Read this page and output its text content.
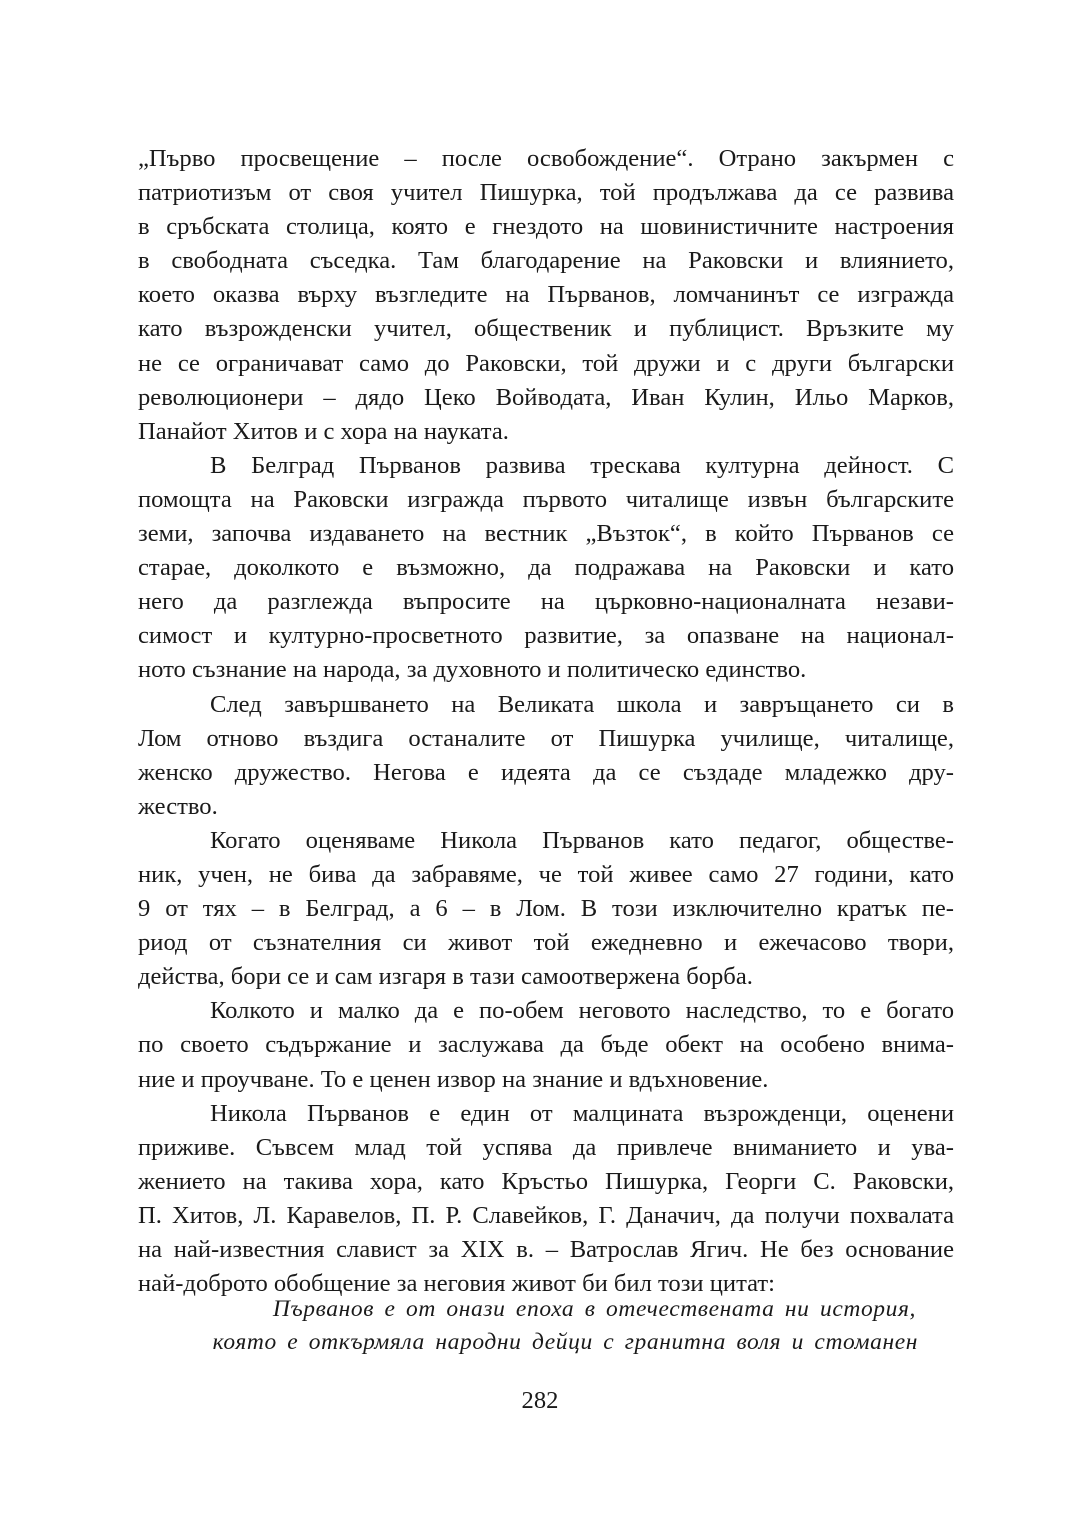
„Първо просвещение – после освобождение“. Отрано закърмен с
патриотизъм от своя учител Пишурка, той продължава да се развива
в сръбската столица, която е гнездото на шовинистичните настроения
в свободната съседка. Там благодарение на Раковски и влиянието,
което оказва върху възгледите на Първанов, ломчанинът се изгражда
като възрожденски учител, общественик и публицист. Връзките му
не се ограничават само до Раковски, той дружи и с други български
революционери – дядо Цеко Войводата, Иван Кулин, Ильо Марков,
Панайот Хитов и с хора на науката.
В Белград Първанов развива трескава културна дейност. С
помощта на Раковски изгражда първото читалище извън българските
земи, започва издаването на вестник „Възток“, в който Първанов се
старае, доколкото е възможно, да подражава на Раковски и като
него да разглежда въпросите на църковно-националната незави-
симост и културно-просветното развитие, за опазване на национал-
ното съзнание на народа, за духовното и политическо единство.
След завършването на Великата школа и завръщането си в
Лом отново въздига останалите от Пишурка училище, читалище,
женско дружество. Негова е идеята да се създаде младежко дру-
жество.
Когато оценяваме Никола Първанов като педагог, обществе-
ник, учен, не бива да забравяме, че той живее само 27 години, като
9 от тях – в Белград, а 6 – в Лом. В този изключително кратък пе-
риод от съзнателния си живот той ежедневно и ежечасово твори,
действа, бори се и сам изгаря в тази самоотвержена борба.
Колкото и малко да е по-обем неговото наследство, то е богато
по своето съдържание и заслужава да бъде обект на особено внима-
ние и проучване. То е ценен извор на знание и вдъхновение.
Никола Първанов е един от малцината възрожденци, оценени
приживе. Съвсем млад той успява да привлече вниманието и ува-
жението на такива хора, като Кръстьо Пишурка, Георги С. Раковски,
П. Хитов, Л. Каравелов, П. Р. Славейков, Г. Даначич, да получи похвалата
на най-известния славист за XIX в. – Ватрослав Ягич. Не без основание
най-доброто обобщение за неговия живот би бил този цитат:
Първанов е от онази епоха в отечествената ни история,
която е откърмяла народни дейци с гранитна воля и стоманен
282
